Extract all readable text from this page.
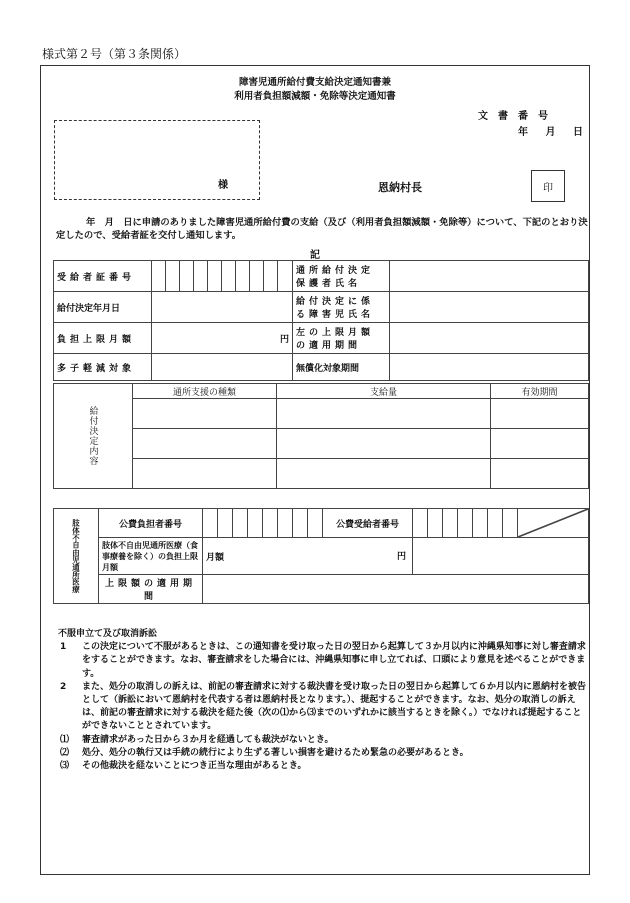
様式第２号（第３条関係）
障害児通所給付費支給決定通知書兼
利用者負担額減額・免除等決定通知書
文書番号
年 月 日
様	恩納村長	印
年　月　日に申請のありました障害児通所給付費の支給（及び（利用者負担額減額・免除等）について、下記のとおり決定したので、受給者証を交付し通知します。
記
受給者証番号											通所給付決定保護者氏名	
給付決定年月日											給付決定に係る障害児氏名	
負担上限月額	円										左の上限月額の適用期間	
多子軽減対象											無償化対象期間	
給付決定内容	通所支援の種類	支給量	有効期間

肢体不自由児通所医療	公費負担者番号									公費受給者番号								

	肢体不自由児通所医療（食事療養を除く）の負担上限月額	月額 円																

	上限額の適用期間																	
不服申立て及び取消訴訟
1 この決定について不服があるときは、この通知書を受け取った日の翌日から起算して３か月以内に沖縄県知事に対し審査請求をすることができます。なお、審査請求をした場合には、沖縄県知事に申し立てれば、口頭により意見を述べることができます。
2 また、処分の取消しの訴えは、前記の審査請求に対する裁決書を受け取った日の翌日から起算して６か月以内に恩納村を被告として（訴訟において恩納村を代表する者は恩納村長となります。）、提起することができます。なお、処分の取消しの訴えは、前記の審査請求に対する裁決を経た後（次の⑴から⑶までのいずれかに該当するときを除く。）でなければ提起することができないこととされています。
⑴ 審査請求があった日から３か月を経過しても裁決がないとき。
⑵ 処分、処分の執行又は手続の続行により生ずる著しい損害を避けるため緊急の必要があるとき。
⑶ その他裁決を経ないことにつき正当な理由があるとき。
